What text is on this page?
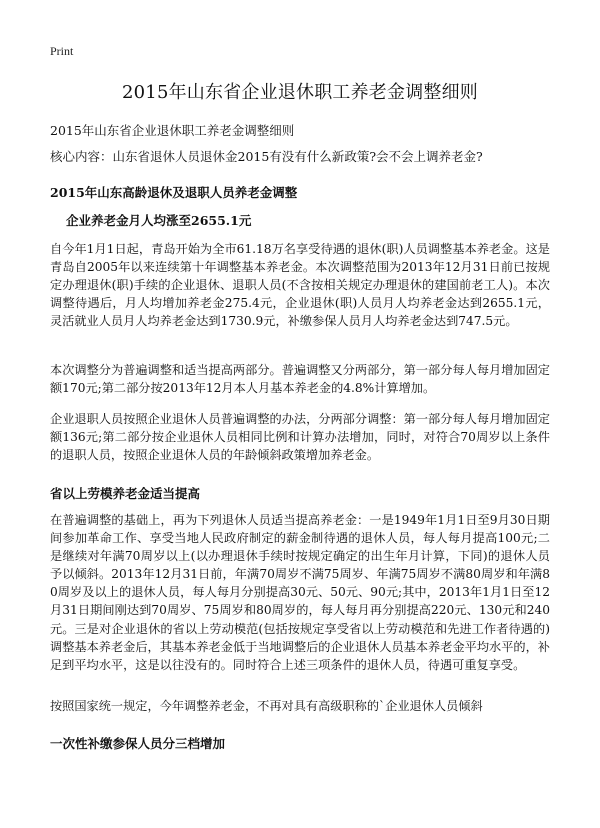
Print
2015年山东省企业退休职工养老金调整细则
2015年山东省企业退休职工养老金调整细则
核心内容：山东省退休人员退休金2015有没有什么新政策?会不会上调养老金?
2015年山东高龄退休及退职人员养老金调整
企业养老金月人均涨至2655.1元

自今年1月1日起，青岛开始为全市61.18万名享受待遇的退休(职)人员调整基本养老金。这是青岛自2005年以来连续第十年调整基本养老金。本次调整范围为2013年12月31日前已按规定办理退休(职)手续的企业退休、退职人员(不含按相关规定办理退休的建国前老工人)。本次调整待遇后，月人均增加养老金275.4元，企业退休(职)人员月人均养老金达到2655.1元，灵活就业人员月人均养老金达到1730.9元，补缴参保人员月人均养老金达到747.5元。

本次调整分为普遍调整和适当提高两部分。普遍调整又分两部分，第一部分每人每月增加固定额170元;第二部分按2013年12月本人月基本养老金的4.8%计算增加。

企业退职人员按照企业退休人员普遍调整的办法，分两部分调整：第一部分每人每月增加固定额136元;第二部分按企业退休人员相同比例和计算办法增加，同时，对符合70周岁以上条件的退职人员，按照企业退休人员的年龄倾斜政策增加养老金。

省以上劳模养老金适当提高

在普遍调整的基础上，再为下列退休人员适当提高养老金：一是1949年1月1日至9月30日期间参加革命工作、享受当地人民政府制定的薪金制待遇的退休人员，每人每月提高100元;二是继续对年满70周岁以上(以办理退休手续时按规定确定的出生年月计算，下同)的退休人员予以倾斜。2013年12月31日前，年满70周岁不满75周岁、年满75周岁不满80周岁和年满80周岁及以上的退休人员，每人每月分别提高30元、50元、90元;其中，2013年1月1日至12月31日期间刚达到70周岁、75周岁和80周岁的，每人每月再分别提高220元、130元和240元。三是对企业退休的省以上劳动模范(包括按规定享受省以上劳动模范和先进工作者待遇的)调整基本养老金后，其基本养老金低于当地调整后的企业退休人员基本养老金平均水平的，补足到平均水平，这是以往没有的。同时符合上述三项条件的退休人员，待遇可重复享受。

按照国家统一规定，今年调整养老金，不再对具有高级职称的`企业退休人员倾斜

一次性补缴参保人员分三档增加
